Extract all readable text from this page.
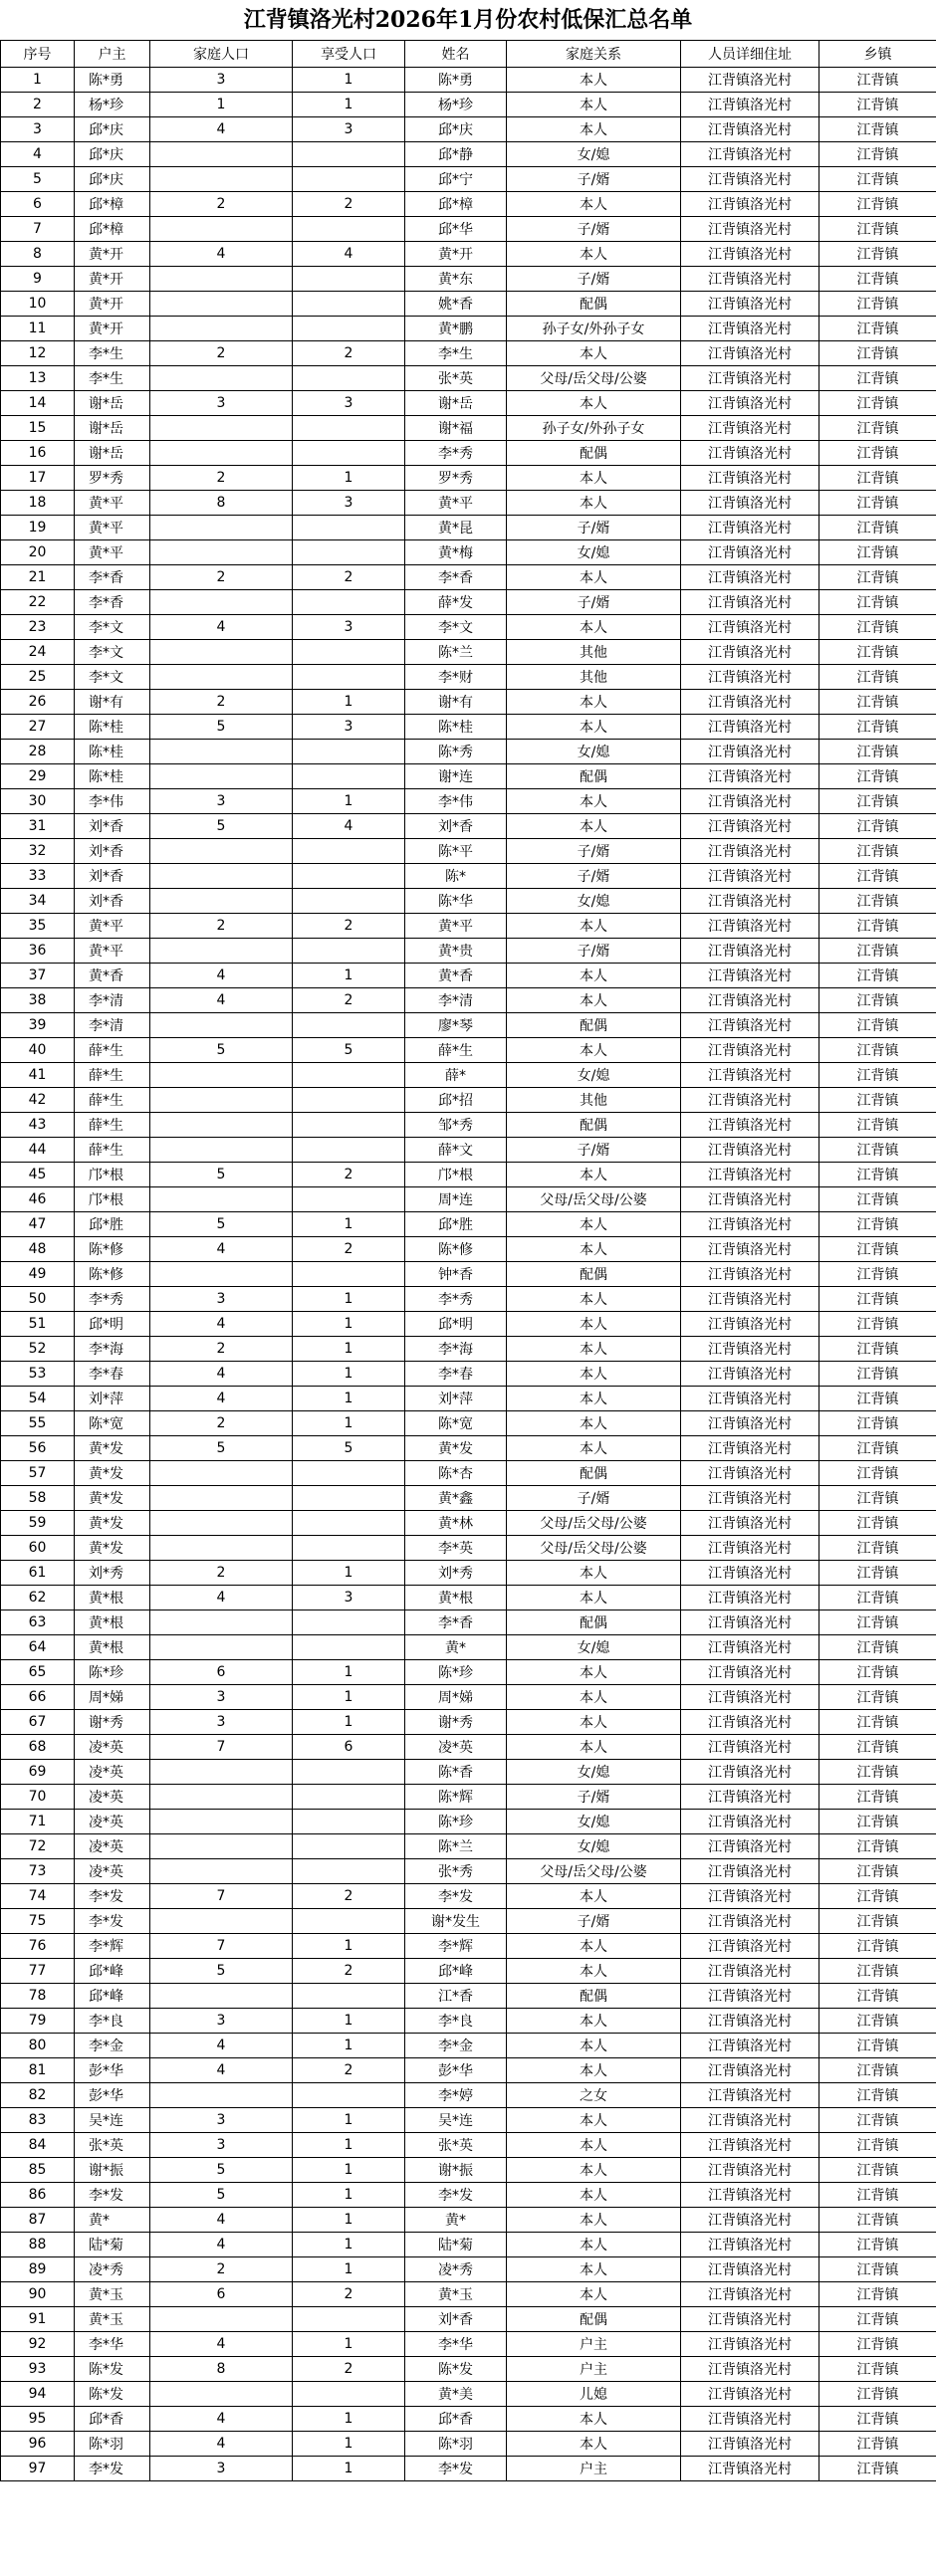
江背镇洛光村2026年1月份农村低保汇总名单
序号	户主	家庭人口	享受人口	姓名	家庭关系	人员详细住址	乡镇
1	陈*勇	3	1	陈*勇	本人	江背镇洛光村	江背镇
2	杨*珍	1	1	杨*珍	本人	江背镇洛光村	江背镇
3	邱*庆	4	3	邱*庆	本人	江背镇洛光村	江背镇
4	邱*庆			邱*静	女/媳	江背镇洛光村	江背镇
5	邱*庆			邱*宁	子/婿	江背镇洛光村	江背镇
6	邱*樟	2	2	邱*樟	本人	江背镇洛光村	江背镇
7	邱*樟			邱*华	子/婿	江背镇洛光村	江背镇
8	黄*开	4	4	黄*开	本人	江背镇洛光村	江背镇
9	黄*开			黄*东	子/婿	江背镇洛光村	江背镇
10	黄*开			姚*香	配偶	江背镇洛光村	江背镇
11	黄*开			黄*鹏	孙子女/外孙子女	江背镇洛光村	江背镇
12	李*生	2	2	李*生	本人	江背镇洛光村	江背镇
13	李*生			张*英	父母/岳父母/公婆	江背镇洛光村	江背镇
14	谢*岳	3	3	谢*岳	本人	江背镇洛光村	江背镇
15	谢*岳			谢*福	孙子女/外孙子女	江背镇洛光村	江背镇
16	谢*岳			李*秀	配偶	江背镇洛光村	江背镇
17	罗*秀	2	1	罗*秀	本人	江背镇洛光村	江背镇
18	黄*平	8	3	黄*平	本人	江背镇洛光村	江背镇
19	黄*平			黄*昆	子/婿	江背镇洛光村	江背镇
20	黄*平			黄*梅	女/媳	江背镇洛光村	江背镇
21	李*香	2	2	李*香	本人	江背镇洛光村	江背镇
22	李*香			薛*发	子/婿	江背镇洛光村	江背镇
23	李*文	4	3	李*文	本人	江背镇洛光村	江背镇
24	李*文			陈*兰	其他	江背镇洛光村	江背镇
25	李*文			李*财	其他	江背镇洛光村	江背镇
26	谢*有	2	1	谢*有	本人	江背镇洛光村	江背镇
27	陈*桂	5	3	陈*桂	本人	江背镇洛光村	江背镇
28	陈*桂			陈*秀	女/媳	江背镇洛光村	江背镇
29	陈*桂			谢*连	配偶	江背镇洛光村	江背镇
30	李*伟	3	1	李*伟	本人	江背镇洛光村	江背镇
31	刘*香	5	4	刘*香	本人	江背镇洛光村	江背镇
32	刘*香			陈*平	子/婿	江背镇洛光村	江背镇
33	刘*香			陈*	子/婿	江背镇洛光村	江背镇
34	刘*香			陈*华	女/媳	江背镇洛光村	江背镇
35	黄*平	2	2	黄*平	本人	江背镇洛光村	江背镇
36	黄*平			黄*贵	子/婿	江背镇洛光村	江背镇
37	黄*香	4	1	黄*香	本人	江背镇洛光村	江背镇
38	李*清	4	2	李*清	本人	江背镇洛光村	江背镇
39	李*清			廖*琴	配偶	江背镇洛光村	江背镇
40	薛*生	5	5	薛*生	本人	江背镇洛光村	江背镇
41	薛*生			薛*	女/媳	江背镇洛光村	江背镇
42	薛*生			邱*招	其他	江背镇洛光村	江背镇
43	薛*生			邹*秀	配偶	江背镇洛光村	江背镇
44	薛*生			薛*文	子/婿	江背镇洛光村	江背镇
45	邝*根	5	2	邝*根	本人	江背镇洛光村	江背镇
46	邝*根			周*连	父母/岳父母/公婆	江背镇洛光村	江背镇
47	邱*胜	5	1	邱*胜	本人	江背镇洛光村	江背镇
48	陈*修	4	2	陈*修	本人	江背镇洛光村	江背镇
49	陈*修			钟*香	配偶	江背镇洛光村	江背镇
50	李*秀	3	1	李*秀	本人	江背镇洛光村	江背镇
51	邱*明	4	1	邱*明	本人	江背镇洛光村	江背镇
52	李*海	2	1	李*海	本人	江背镇洛光村	江背镇
53	李*春	4	1	李*春	本人	江背镇洛光村	江背镇
54	刘*萍	4	1	刘*萍	本人	江背镇洛光村	江背镇
55	陈*宽	2	1	陈*宽	本人	江背镇洛光村	江背镇
56	黄*发	5	5	黄*发	本人	江背镇洛光村	江背镇
57	黄*发			陈*杏	配偶	江背镇洛光村	江背镇
58	黄*发			黄*鑫	子/婿	江背镇洛光村	江背镇
59	黄*发			黄*林	父母/岳父母/公婆	江背镇洛光村	江背镇
60	黄*发			李*英	父母/岳父母/公婆	江背镇洛光村	江背镇
61	刘*秀	2	1	刘*秀	本人	江背镇洛光村	江背镇
62	黄*根	4	3	黄*根	本人	江背镇洛光村	江背镇
63	黄*根			李*香	配偶	江背镇洛光村	江背镇
64	黄*根			黄*	女/媳	江背镇洛光村	江背镇
65	陈*珍	6	1	陈*珍	本人	江背镇洛光村	江背镇
66	周*娣	3	1	周*娣	本人	江背镇洛光村	江背镇
67	谢*秀	3	1	谢*秀	本人	江背镇洛光村	江背镇
68	凌*英	7	6	凌*英	本人	江背镇洛光村	江背镇
69	凌*英			陈*香	女/媳	江背镇洛光村	江背镇
70	凌*英			陈*辉	子/婿	江背镇洛光村	江背镇
71	凌*英			陈*珍	女/媳	江背镇洛光村	江背镇
72	凌*英			陈*兰	女/媳	江背镇洛光村	江背镇
73	凌*英			张*秀	父母/岳父母/公婆	江背镇洛光村	江背镇
74	李*发	7	2	李*发	本人	江背镇洛光村	江背镇
75	李*发			谢*发生	子/婿	江背镇洛光村	江背镇
76	李*辉	7	1	李*辉	本人	江背镇洛光村	江背镇
77	邱*峰	5	2	邱*峰	本人	江背镇洛光村	江背镇
78	邱*峰			江*香	配偶	江背镇洛光村	江背镇
79	李*良	3	1	李*良	本人	江背镇洛光村	江背镇
80	李*金	4	1	李*金	本人	江背镇洛光村	江背镇
81	彭*华	4	2	彭*华	本人	江背镇洛光村	江背镇
82	彭*华			李*婷	之女	江背镇洛光村	江背镇
83	吴*连	3	1	吴*连	本人	江背镇洛光村	江背镇
84	张*英	3	1	张*英	本人	江背镇洛光村	江背镇
85	谢*振	5	1	谢*振	本人	江背镇洛光村	江背镇
86	李*发	5	1	李*发	本人	江背镇洛光村	江背镇
87	黄*	4	1	黄*	本人	江背镇洛光村	江背镇
88	陆*菊	4	1	陆*菊	本人	江背镇洛光村	江背镇
89	凌*秀	2	1	凌*秀	本人	江背镇洛光村	江背镇
90	黄*玉	6	2	黄*玉	本人	江背镇洛光村	江背镇
91	黄*玉			刘*香	配偶	江背镇洛光村	江背镇
92	李*华	4	1	李*华	户主	江背镇洛光村	江背镇
93	陈*发	8	2	陈*发	户主	江背镇洛光村	江背镇
94	陈*发			黄*美	儿媳	江背镇洛光村	江背镇
95	邱*香	4	1	邱*香	本人	江背镇洛光村	江背镇
96	陈*羽	4	1	陈*羽	本人	江背镇洛光村	江背镇
97	李*发	3	1	李*发	户主	江背镇洛光村	江背镇
